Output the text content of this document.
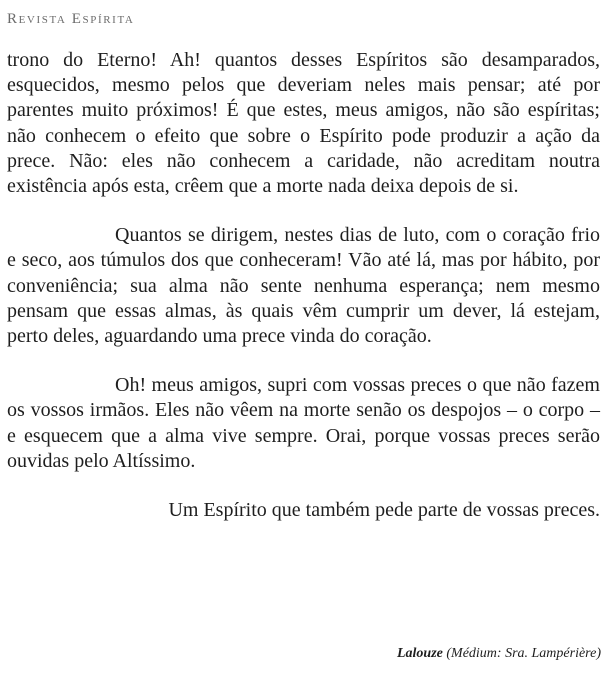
Revista Espírita

trono do Eterno! Ah! quantos desses Espíritos são desamparados, esquecidos, mesmo pelos que deveriam neles mais pensar; até por parentes muito próximos! É que estes, meus amigos, não são espíritas; não conhecem o efeito que sobre o Espírito pode produzir a ação da prece. Não: eles não conhecem a caridade, não acreditam noutra existência após esta, crêem que a morte nada deixa depois de si.

Quantos se dirigem, nestes dias de luto, com o coração frio e seco, aos túmulos dos que conheceram! Vão até lá, mas por hábito, por conveniência; sua alma não sente nenhuma esperança; nem mesmo pensam que essas almas, às quais vêm cumprir um dever, lá estejam, perto deles, aguardando uma prece vinda do coração.

Oh! meus amigos, supri com vossas preces o que não fazem os vossos irmãos. Eles não vêem na morte senão os despojos – o corpo – e esquecem que a alma vive sempre. Orai, porque vossas preces serão ouvidas pelo Altíssimo.

Um Espírito que também pede parte de vossas preces.

Lalouze (Médium: Sra. Lampérière)
